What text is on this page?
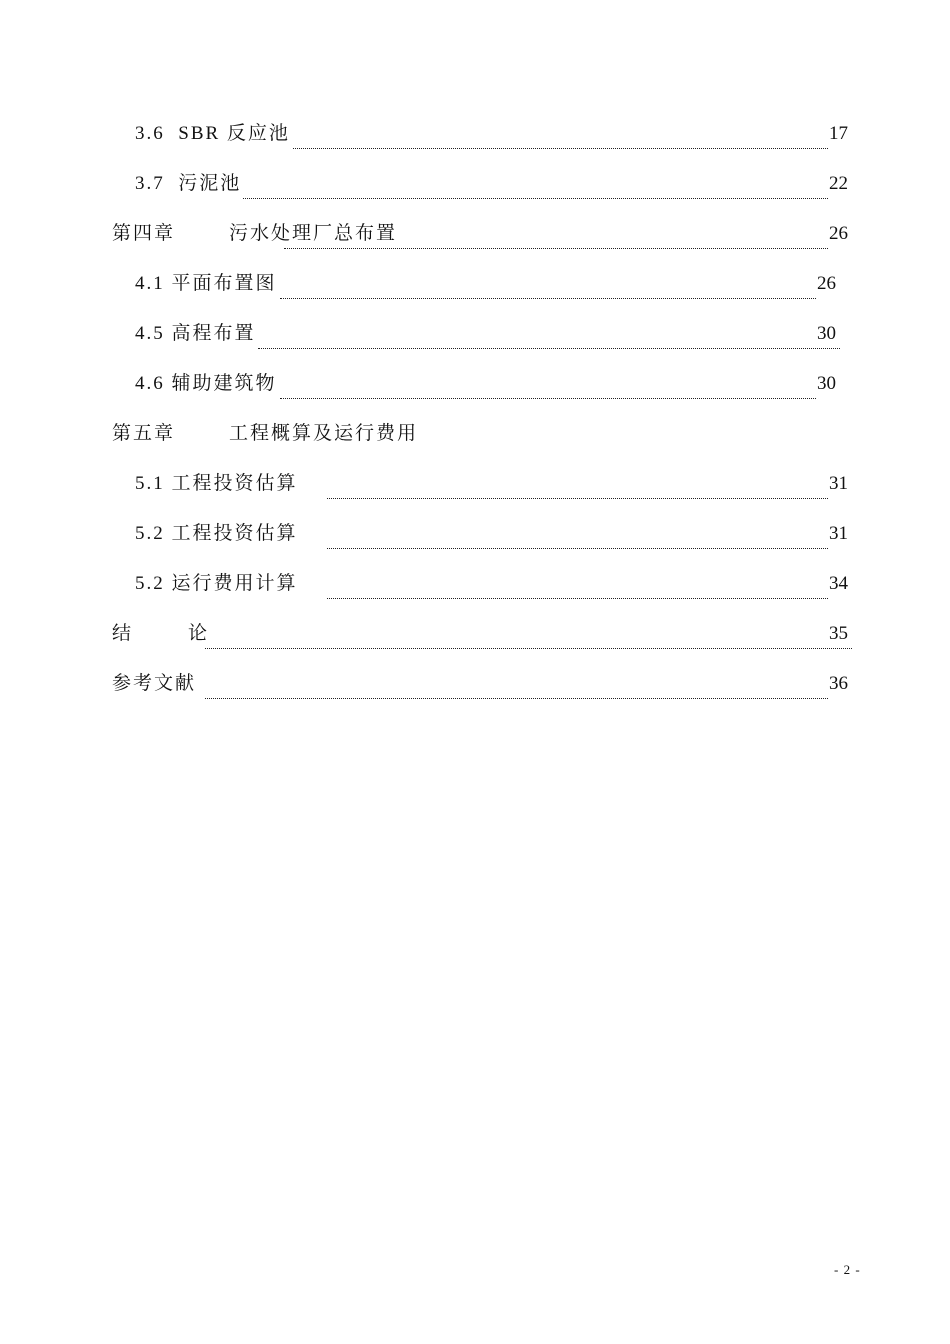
3.6  SBR 反应池	17
3.7  污泥池	22
第四章        污水处理厂总布置	26
4.1 平面布置图	26
4.5 高程布置	30
4.6 辅助建筑物	30
第五章        工程概算及运行费用
5.1 工程投资估算	31
5.2 工程投资估算	31
5.2 运行费用计算	34
结            论	35
参考文献	36
- 2 -
